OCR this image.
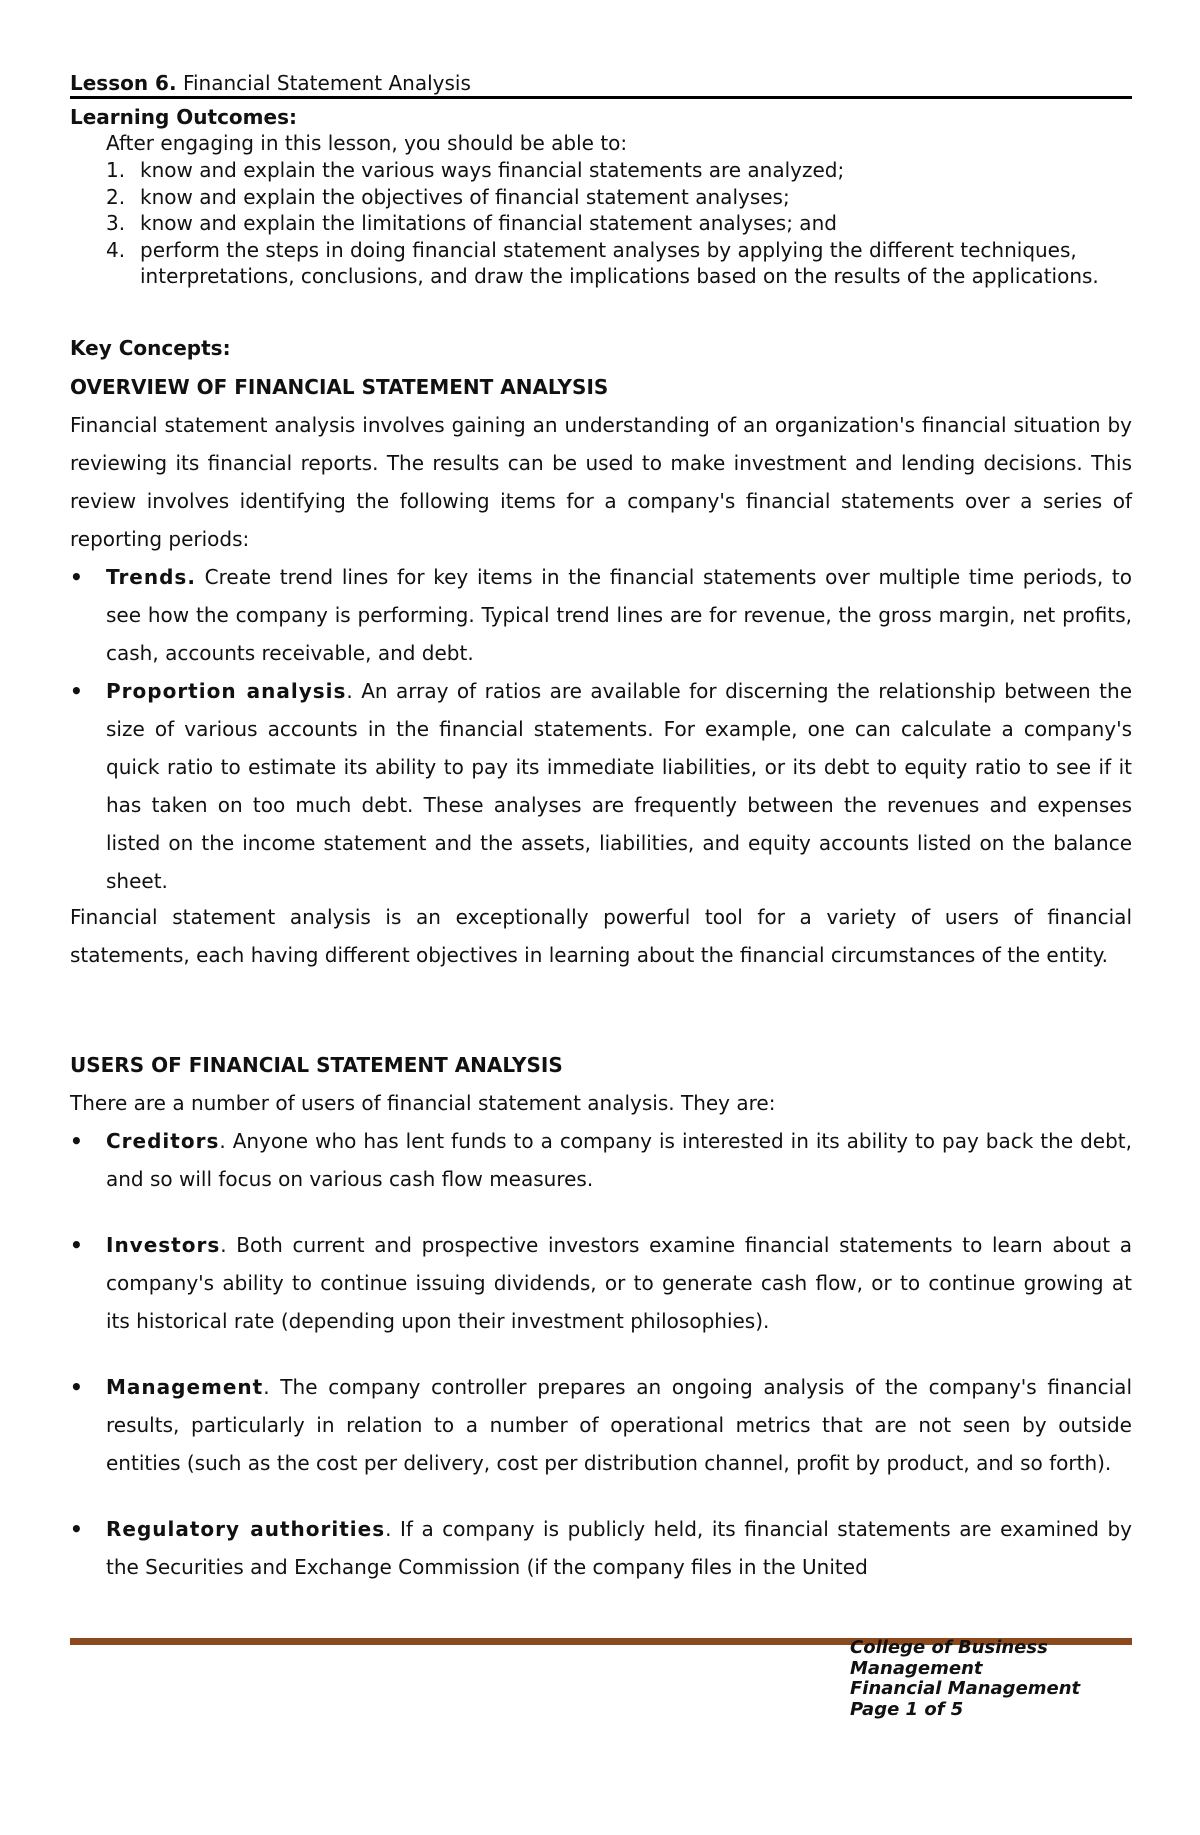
Lesson 6. Financial Statement Analysis
Learning Outcomes:
After engaging in this lesson, you should be able to:
1. know and explain the various ways financial statements are analyzed;
2. know and explain the objectives of financial statement analyses;
3. know and explain the limitations of financial statement analyses; and
4. perform the steps in doing financial statement analyses by applying the different techniques, interpretations, conclusions, and draw the implications based on the results of the applications.
Key Concepts:
OVERVIEW OF FINANCIAL STATEMENT ANALYSIS

Financial statement analysis involves gaining an understanding of an organization's financial situation by reviewing its financial reports. The results can be used to make investment and lending decisions. This review involves identifying the following items for a company's financial statements over a series of reporting periods:

• Trends. Create trend lines for key items in the financial statements over multiple time periods, to see how the company is performing. Typical trend lines are for revenue, the gross margin, net profits, cash, accounts receivable, and debt.
• Proportion analysis. An array of ratios are available for discerning the relationship between the size of various accounts in the financial statements. For example, one can calculate a company's quick ratio to estimate its ability to pay its immediate liabilities, or its debt to equity ratio to see if it has taken on too much debt. These analyses are frequently between the revenues and expenses listed on the income statement and the assets, liabilities, and equity accounts listed on the balance sheet.

Financial statement analysis is an exceptionally powerful tool for a variety of users of financial statements, each having different objectives in learning about the financial circumstances of the entity.

USERS OF FINANCIAL STATEMENT ANALYSIS

There are a number of users of financial statement analysis. They are:

• Creditors. Anyone who has lent funds to a company is interested in its ability to pay back the debt, and so will focus on various cash flow measures.
• Investors. Both current and prospective investors examine financial statements to learn about a company's ability to continue issuing dividends, or to generate cash flow, or to continue growing at its historical rate (depending upon their investment philosophies).
• Management. The company controller prepares an ongoing analysis of the company's financial results, particularly in relation to a number of operational metrics that are not seen by outside entities (such as the cost per delivery, cost per distribution channel, profit by product, and so forth).
• Regulatory authorities. If a company is publicly held, its financial statements are examined by the Securities and Exchange Commission (if the company files in the United
College of Business
Management
Financial Management
Page 1 of 5
